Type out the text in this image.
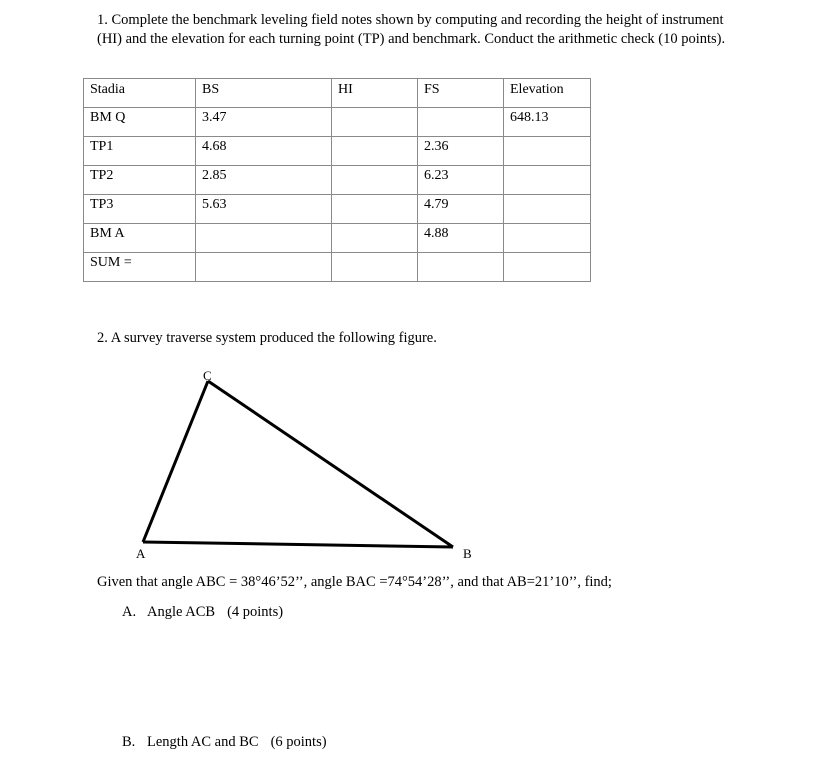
1. Complete the benchmark leveling field notes shown by computing and recording the height of instrument (HI) and the elevation for each turning point (TP) and benchmark. Conduct the arithmetic check (10 points).

Stadia	BS	HI	FS	Elevation
BM Q	3.47			648.13
TP1	4.68		2.36	
TP2	2.85		6.23	
TP3	5.63		4.79	
BM A			4.88	
SUM =				

2. A survey traverse system produced the following figure.

A	B
C

Given that angle ABC = 38°46’52’’, angle BAC =74°54’28’’, and that AB=21’10’’, find;

A. Angle ACB (4 points)

B. Length AC and BC (6 points)
